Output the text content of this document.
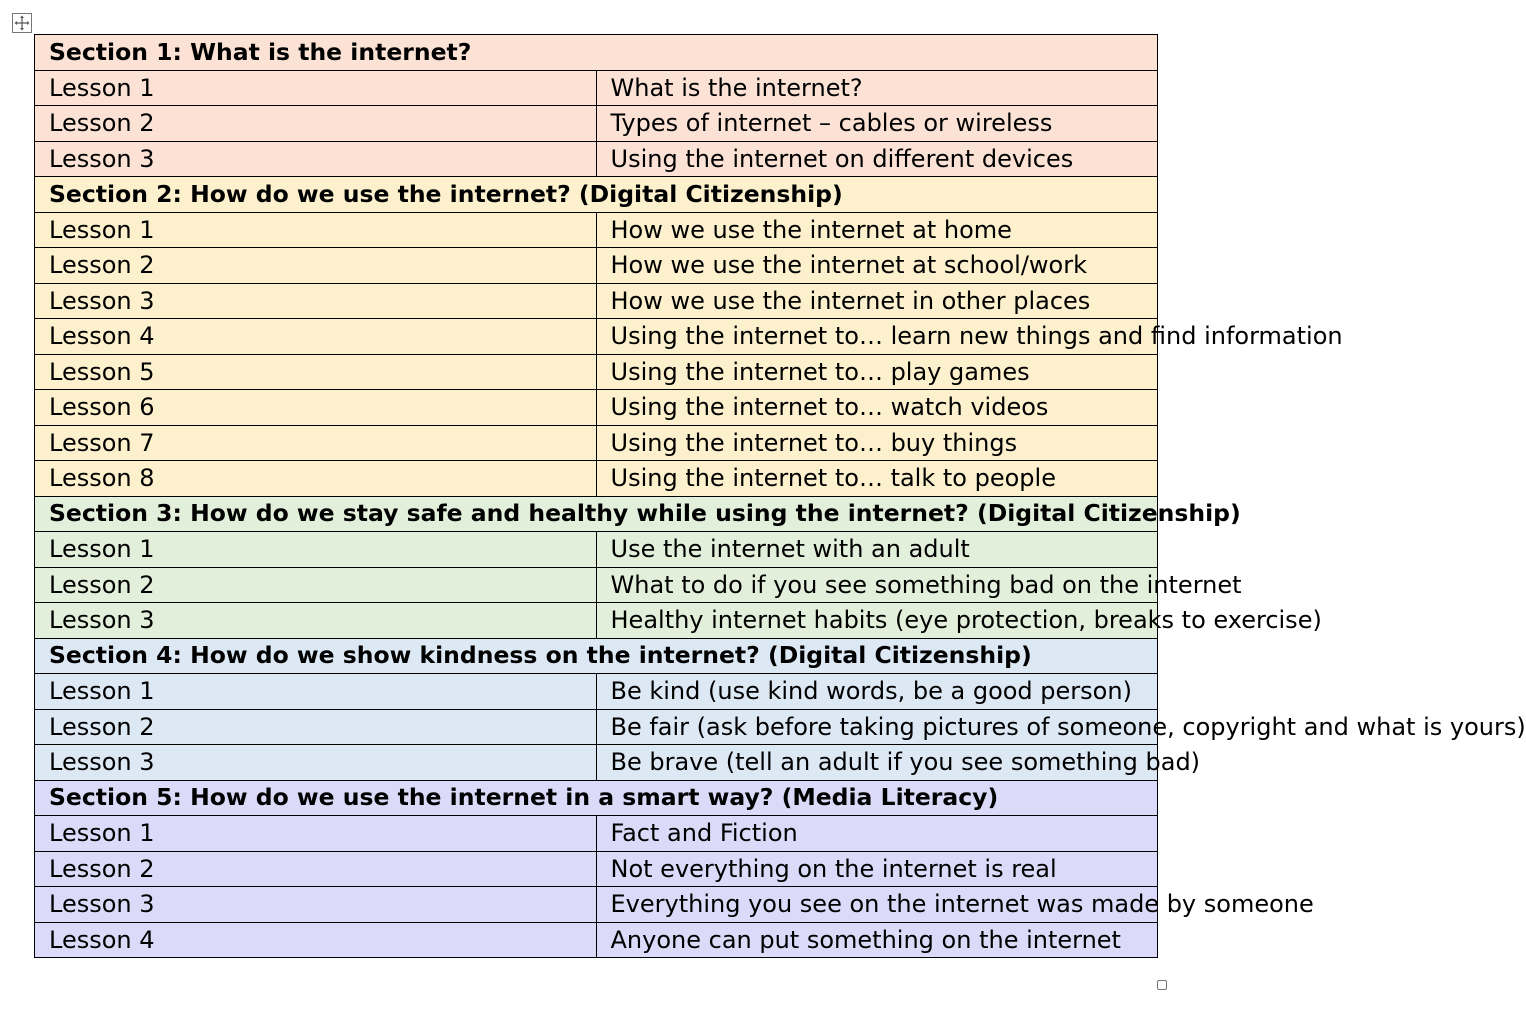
Section 1: What is the internet?	
Lesson 1	What is the internet?
Lesson 2	Types of internet – cables or wireless
Lesson 3	Using the internet on different devices
Section 2: How do we use the internet? (Digital Citizenship)	
Lesson 1	How we use the internet at home
Lesson 2	How we use the internet at school/work
Lesson 3	How we use the internet in other places
Lesson 4	Using the internet to… learn new things and find information
Lesson 5	Using the internet to… play games
Lesson 6	Using the internet to… watch videos
Lesson 7	Using the internet to… buy things
Lesson 8	Using the internet to… talk to people
Section 3: How do we stay safe and healthy while using the internet? (Digital Citizenship)	
Lesson 1	Use the internet with an adult
Lesson 2	What to do if you see something bad on the internet
Lesson 3	Healthy internet habits (eye protection, breaks to exercise)
Section 4: How do we show kindness on the internet? (Digital Citizenship)	
Lesson 1	Be kind (use kind words, be a good person)
Lesson 2	Be fair (ask before taking pictures of someone, copyright and what is yours)
Lesson 3	Be brave (tell an adult if you see something bad)
Section 5: How do we use the internet in a smart way? (Media Literacy)	
Lesson 1	Fact and Fiction
Lesson 2	Not everything on the internet is real
Lesson 3	Everything you see on the internet was made by someone
Lesson 4	Anyone can put something on the internet
